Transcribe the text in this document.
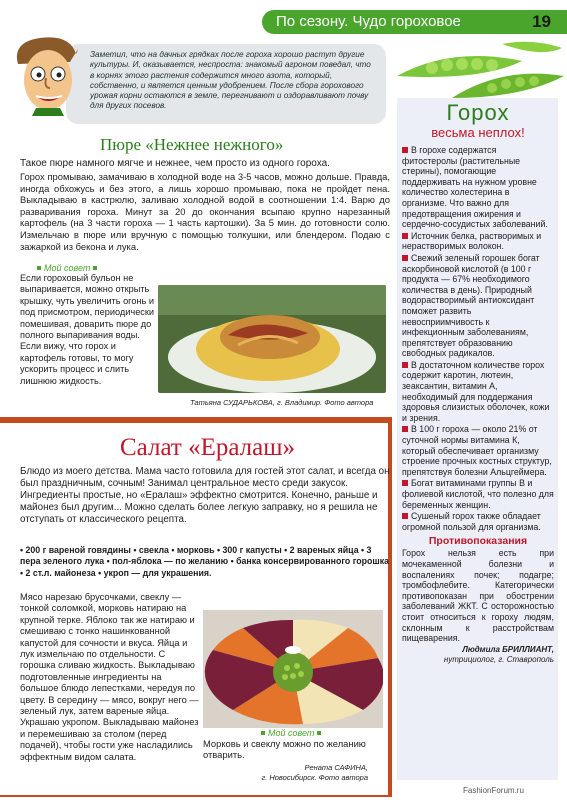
По сезону. Чудо гороховое	19
Заметил, что на дачных грядках после гороха хорошо растут другие культуры. И, оказывается, неспроста: знакомый агроном поведал, что в корнях этого растения содержится много азота, который, собственно, и является ценным удобрением. После сбора горохового урожая корни остаются в земле, перегнивают и оздоравливают почву для других посевов.
Пюре «Нежнее нежного»
Такое пюре намного мягче и нежнее, чем просто из одного гороха.
Горох промываю, замачиваю в холодной воде на 3-5 часов, можно дольше. Правда, иногда обхожусь и без этого, а лишь хорошо промываю, пока не пройдет пена. Выкладываю в кастрюлю, заливаю холодной водой в соотношении 1:4. Варю до разваривания гороха. Минут за 20 до окончания всыпаю крупно нарезанный картофель (на 3 части гороха — 1 часть картошки). За 5 мин. до готовности солю. Измельчаю в пюре или вручную с помощью толкушки, или блендером. Подаю с зажаркой из бекона и лука.
Мой совет
Если гороховый бульон не выпаривается, можно открыть крышку, чуть увеличить огонь и под присмотром, периодически помешивая, доварить пюре до полного выпаривания воды. Если вижу, что горох и картофель готовы, то могу ускорить процесс и слить лишнюю жидкость.
Татьяна СУДАРЬКОВА, г. Владимир. Фото автора
Салат «Ералаш»
Блюдо из моего детства. Мама часто готовила для гостей этот салат, и всегда он был праздничным, сочным! Занимал центральное место среди закусок. Ингредиенты простые, но «Ералаш» эффектно смотрится. Конечно, раньше и майонез был другим... Можно сделать более легкую заправку, но я решила не отступать от классического рецепта.
• 200 г вареной говядины • свекла • морковь • 300 г капусты • 2 вареных яйца • 3 пера зеленого лука • пол-яблока — по желанию • банка консервированного горошка • 2 ст.л. майонеза • укроп — для украшения.
Мясо нарезаю брусочками, свеклу — тонкой соломкой, морковь натираю на крупной терке. Яблоко так же натираю и смешиваю с тонко нашинкованной капустой для сочности и вкуса. Яйца и лук измельчаю по отдельности. С горошка сливаю жидкость. Выкладываю подготовленные ингредиенты на большое блюдо лепестками, чередуя по цвету. В середину — мясо, вокруг него — зеленый лук, затем вареные яйца. Украшаю укропом. Выкладываю майонез и перемешиваю за столом (перед подачей), чтобы гости уже насладились эффектным видом салата.
Мой совет
Морковь и свеклу можно по желанию отварить.
Рената САФИНА,
г. Новосибирск. Фото автора
Горох
весьма неплох!

В горохе содержатся фитостеролы (растительные стерины), помогающие поддерживать на нужном уровне количество холестерина в организме. Что важно для предотвращения ожирения и сердечно-сосудистых заболеваний.

Источник белка, растворимых и нерастворимых волокон.

Свежий зеленый горошек богат аскорбиновой кислотой (в 100 г продукта — 67% необходимого количества в день). Природный водорастворимый антиоксидант поможет развить невосприимчивость к инфекционным заболеваниям, препятствует образованию свободных радикалов.

В достаточном количестве горох содержит каротин, лютеин, зеаксантин, витамин А, необходимый для поддержания здоровья слизистых оболочек, кожи и зрения.

В 100 г гороха — около 21% от суточной нормы витамина К, который обеспечивает организму строение прочных костных структур, препятствуя болезни Альцгеймера.

Богат витаминами группы В и фолиевой кислотой, что полезно для беременных женщин.

Сушеный горох также обладает огромной пользой для организма.

Противопоказания

Горох нельзя есть при мочекаменной болезни и воспалениях почек; подагре; тромбофлебите. Категорически противопоказан при обострении заболеваний ЖКТ. С осторожностью стоит относиться к гороху людям, склонным к расстройствам пищеварения.

Людмила БРИЛЛИАНТ,
нутрициолог, г. Ставрополь
FashionForum.ru
